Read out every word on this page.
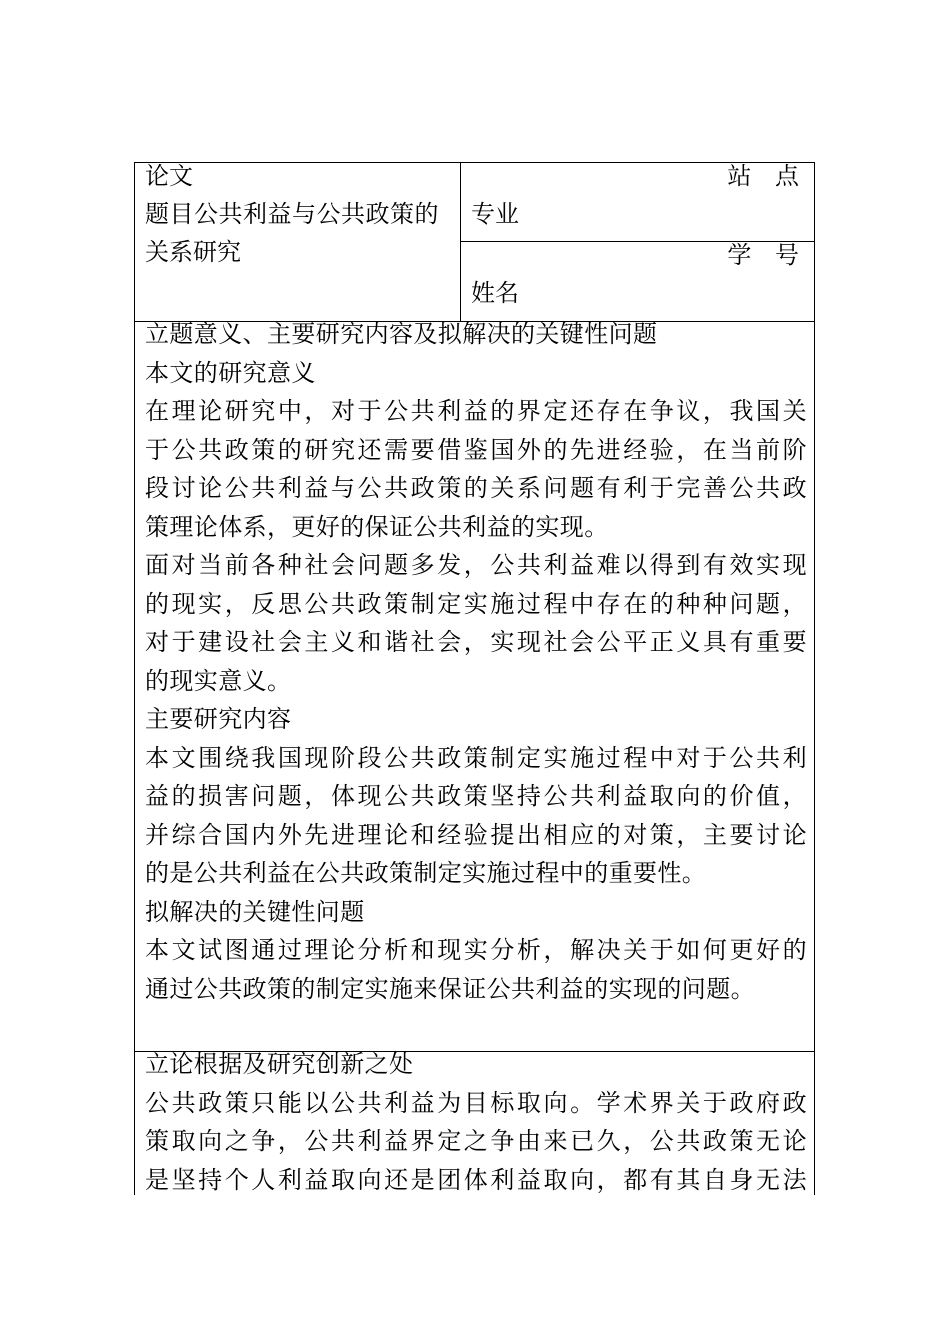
论文
题目公共利益与公共政策的
关系研究
站 点
专业
学 号
姓名

立题意义、主要研究内容及拟解决的关键性问题

本文的研究意义

在理论研究中，对于公共利益的界定还存在争议，我国关

于公共政策的研究还需要借鉴国外的先进经验，在当前阶

段讨论公共利益与公共政策的关系问题有利于完善公共政

策理论体系，更好的保证公共利益的实现。

面对当前各种社会问题多发，公共利益难以得到有效实现

的现实，反思公共政策制定实施过程中存在的种种问题，

对于建设社会主义和谐社会，实现社会公平正义具有重要

的现实意义。

主要研究内容

本文围绕我国现阶段公共政策制定实施过程中对于公共利

益的损害问题，体现公共政策坚持公共利益取向的价值，

并综合国内外先进理论和经验提出相应的对策，主要讨论

的是公共利益在公共政策制定实施过程中的重要性。

拟解决的关键性问题

本文试图通过理论分析和现实分析，解决关于如何更好的

通过公共政策的制定实施来保证公共利益的实现的问题。

立论根据及研究创新之处

公共政策只能以公共利益为目标取向。学术界关于政府政

策取向之争，公共利益界定之争由来已久，公共政策无论

是坚持个人利益取向还是团体利益取向，都有其自身无法
